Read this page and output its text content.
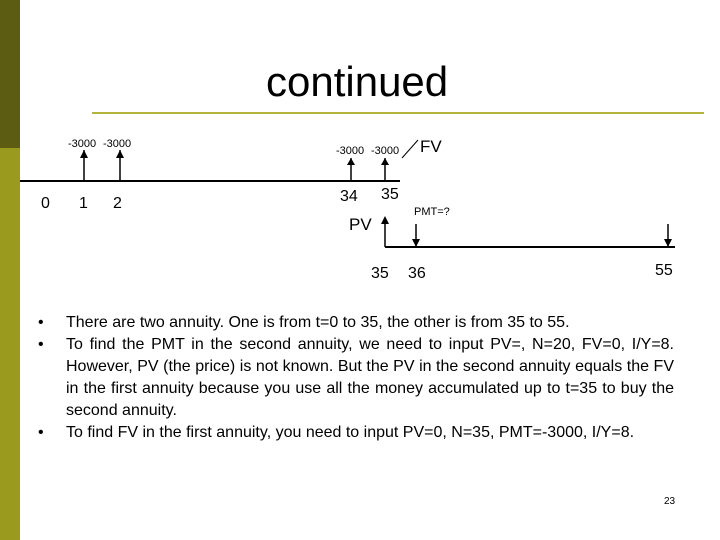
continued
-3000 -3000
-3000 -3000 FV
0 1 2	34 35
PV
PMT=?
35 36	55
• There are two annuity. One is from t=0 to 35, the other is from 35 to 55.
• To find the PMT in the second annuity, we need to input PV=, N=20, FV=0, I/Y=8. However, PV (the price) is not known. But the PV in the second annuity equals the FV in the first annuity because you use all the money accumulated up to t=35 to buy the second annuity.
• To find FV in the first annuity, you need to input PV=0, N=35, PMT=-3000, I/Y=8.
23
